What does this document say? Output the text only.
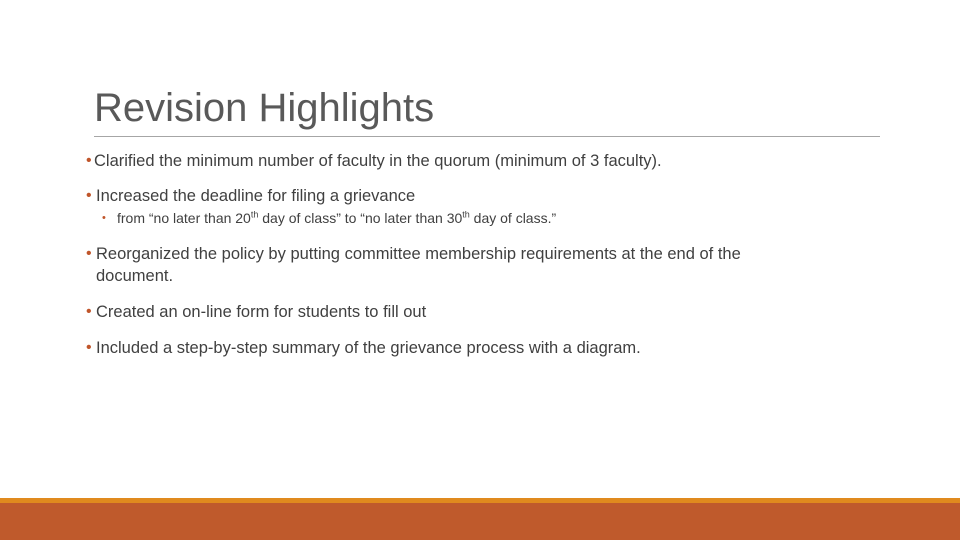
Revision Highlights
• Clarified the minimum number of faculty in the quorum (minimum of 3 faculty).
• Increased the deadline for filing a grievance
• from “no later than 20th day of class” to “no later than 30th day of class.”
• Reorganized the policy by putting committee membership requirements at the end of the
document.
• Created an on-line form for students to fill out
• Included a step-by-step summary of the grievance process with a diagram.
